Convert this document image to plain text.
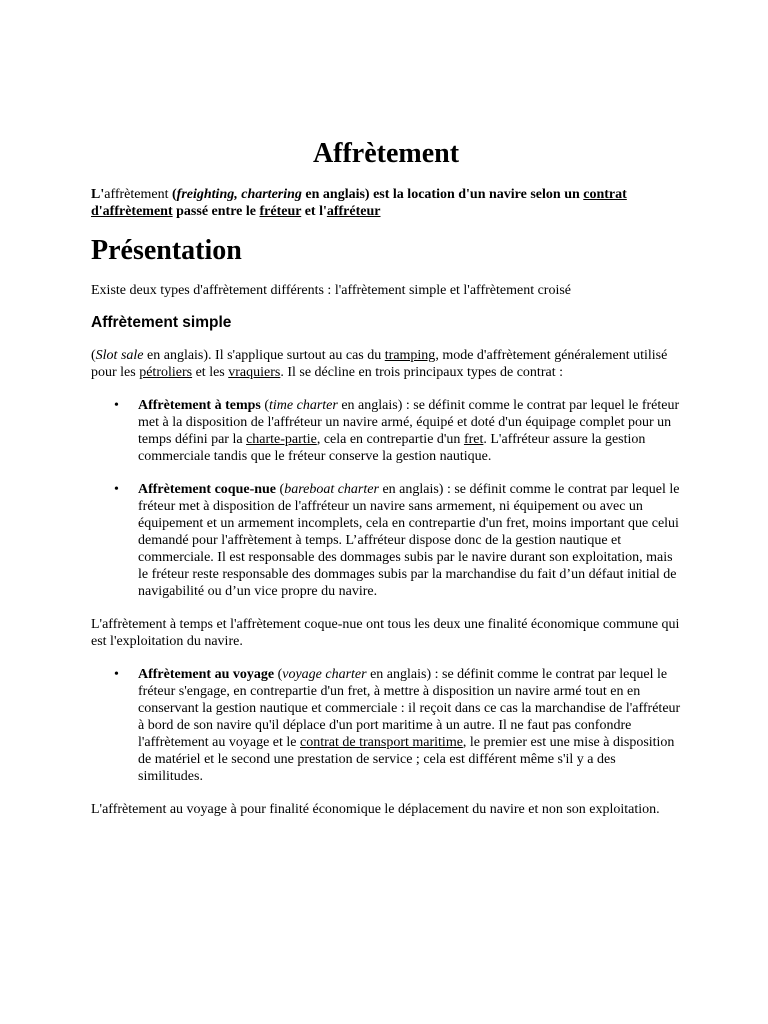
Affrètement

L'affrètement (freighting, chartering en anglais) est la location d'un navire selon un contrat d'affrètement passé entre le fréteur et l'affréteur

Présentation

Existe deux types d'affrètement différents : l'affrètement simple et l'affrètement croisé

Affrètement simple

(Slot sale en anglais). Il s'applique surtout au cas du tramping, mode d'affrètement généralement utilisé pour les pétroliers et les vraquiers. Il se décline en trois principaux types de contrat :

• Affrètement à temps (time charter en anglais) : se définit comme le contrat par lequel le fréteur met à la disposition de l'affréteur un navire armé, équipé et doté d'un équipage complet pour un temps défini par la charte-partie, cela en contrepartie d'un fret. L'affréteur assure la gestion commerciale tandis que le fréteur conserve la gestion nautique.
• Affrètement coque-nue (bareboat charter en anglais) : se définit comme le contrat par lequel le fréteur met à disposition de l'affréteur un navire sans armement, ni équipement ou avec un équipement et un armement incomplets, cela en contrepartie d'un fret, moins important que celui demandé pour l'affrètement à temps. L’affréteur dispose donc de la gestion nautique et commerciale. Il est responsable des dommages subis par le navire durant son exploitation, mais le fréteur reste responsable des dommages subis par la marchandise du fait d’un défaut initial de navigabilité ou d’un vice propre du navire.

L'affrètement à temps et l'affrètement coque-nue ont tous les deux une finalité économique commune qui est l'exploitation du navire.

• Affrètement au voyage (voyage charter en anglais) : se définit comme le contrat par lequel le fréteur s'engage, en contrepartie d'un fret, à mettre à disposition un navire armé tout en en conservant la gestion nautique et commerciale : il reçoit dans ce cas la marchandise de l'affréteur à bord de son navire qu'il déplace d'un port maritime à un autre. Il ne faut pas confondre l'affrètement au voyage et le contrat de transport maritime, le premier est une mise à disposition de matériel et le second une prestation de service ; cela est différent même s'il y a des similitudes.

L'affrètement au voyage à pour finalité économique le déplacement du navire et non son exploitation.
